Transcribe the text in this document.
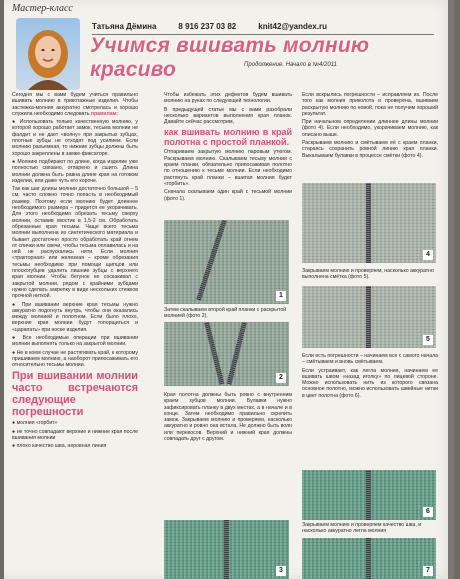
Мастер-класс
Татьяна Дёмина	8 916 237 03 82	knit42@yandex.ru
Учимся вшивать молнию красиво	Продолжение. Начало в №4/2011

Сегодня мы с вами будем учиться правильно вшивать молнию в трикотажные изделия. Чтобы застежка-молния аккуратно смотрелась и хорошо служила необходимо следовать правилам:

● Использовать только качественную молнию, у которой хорошо работает замок, тесьма молнии не фалдит и не дает «волну» при закрытых зубцах, плотные зубцы не отходят под усилием. Если молнию разъемная, то нижние зубцы должны быть хорошо закреплены в замке-фиксаторе.

● Молнию подбирают по длине, когда изделие уже полностью связано, отпарено и сшито. Длина молнии должна быть равна длине края на готовом изделии, или даже чуть его короче.

Так как шаг длины молнии достаточно большой – 5 см, часто сложно точно попасть в необходимый размер. Поэтому если молнию будет длиннее необходимого размера – придется ее укорачивать. Для этого необходимо обрезать тесьму сверху молнии, оставив хвостик в 1,5-2 см. Обработать обрезанные края тесьмы. Чаще всего тесьма молнии выполнена из синтетического материала и бывает достаточно просто обработать край огнем от спички или свечи, чтобы тесьма оплавилась и на ней не распускались нити. Если молния «тракторная» или железная – кроме обрезания тесьмы необходимо при помощи щипцов или плоскогубцев удалить лишние зубцы с верхнего края молнии. Чтобы бегунок не соскакивал с закрытой молнии, рядом с крайними зубцами нужно сделать закрепку в виде нескольких стежков прочной ниткой.

● При вшивании верхние края тесьмы нужно аккуратно подогнуть внутрь, чтобы они оказались между молнией и полотном. Если было плохо, верхние края молнии будут топорщиться и «царапать» при носке изделия.

● Все необходимые операции при вшивании молнии выполнять только на закрытой молнии.

● Не в коем случае не растягивать край, к которому пришиваем молнию, а наоборот припосаживать его относительно тесьмы молнии.

При вшивании молнии часто встречаются следующие погрешности

● молния «горбит»

● не точно совпадают верхние и нижние края после вшивания молнии

● плохо качество шва, неровная линия

Чтобы избежать этих дефектов будем вшивать молнию на руках по следующей технологии.

В предыдущей статье мы с вами разобрали несколько вариантов выполнения края планок. Давайте сейчас рассмотрим,

как вшивать молнию в край полотна с простой планкой.

Отпариваем закрытую молнию паровым утюгом. Раскрываем молнию. Скалываем тесьму молнии с краем планки, обязательно припосаживая полотно по отношению к тесьме молнии. Если необходимо растянуть край планки – вшитая молния будет «горбить».

Сначала скалываем один край с тесьмой молнии (фото 1).

1
Затем скалываем второй край планки с раскрытой молнией (фото 2).
2

Края полотна должны быть ровно с внутренним краем зубцов молнии. Булавки нужно зафиксировать планку в двух местах, а в начале и в конце. Затем необходимо правильно скрепить замок. Закрываем молнию и проверяем, насколько аккуратно и ровно она встала. Не должно быть волн или перекосов. Верхний и нижний края должны совпадать друг с другом.

3

Если вскрылись погрешности – исправляем их. После того как молния приколота и проверена, вшиваем раскрытую молнию по новой, пока не получим хороший результат.

При начальном определении длиннее длины молнии (фото 4). Если необходимо, укорачиваем молнию, как описано выше.

Раскрываем молнию и смётываем её с краем планки, стараясь сохранить ровной линию края планки. Выкалываем булавки в процессе смётки (фото 4).

4
Закрываем молнию и проверяем, насколько аккуратно выполнена смётка (фото 5).
5

Если есть погрешности – начинаем все с самого начала – смётываем и вновь смётываем.

Если устраивает, как легла молния, начинаем ее вшивать швом «назад иголку» по лицевой стороне. Можно использовать нить из которого связана основное полотно, можно использовать швейные нитки в цвет полотна (фото 6).

6
Закрываем молнию и проверяем качество шва, и насколько аккуратно легла молния
7
